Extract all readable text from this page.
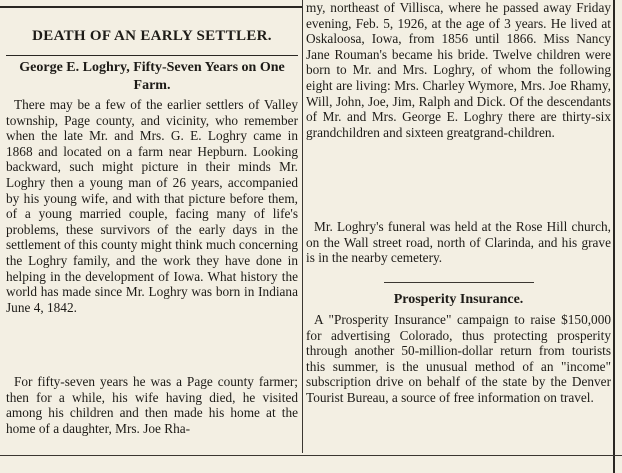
DEATH OF AN EARLY SETTLER.
George E. Loghry, Fifty-Seven Years on One Farm.
There may be a few of the earlier settlers of Valley township, Page county, and vicinity, who remember when the late Mr. and Mrs. G. E. Loghry came in 1868 and located on a farm near Hepburn. Looking backward, such might picture in their minds Mr. Loghry then a young man of 26 years, accompanied by his young wife, and with that picture before them, of a young married couple, facing many of life's problems, these survivors of the early days in the settlement of this county might think much concerning the Loghry family, and the work they have done in helping in the development of Iowa. What history the world has made since Mr. Loghry was born in Indiana June 4, 1842.
For fifty-seven years he was a Page county farmer; then for a while, his wife having died, he visited among his children and then made his home at the home of a daughter, Mrs. Joe Rha-
my, northeast of Villisca, where he passed away Friday evening, Feb. 5, 1926, at the age of 3 years. He lived at Oskaloosa, Iowa, from 1856 until 1866. Miss Nancy Jane Rouman's became his bride. Twelve children were born to Mr. and Mrs. Loghry, of whom the following eight are living: Mrs. Charley Wymore, Mrs. Joe Rhamy, Will, John, Joe, Jim, Ralph and Dick. Of the descendants of Mr. and Mrs. George E. Loghry there are thirty-six grandchildren and sixteen greatgrand-children.
Mr. Loghry's funeral was held at the Rose Hill church, on the Wall street road, north of Clarinda, and his grave is in the nearby cemetery.
Prosperity Insurance.
A "Prosperity Insurance" campaign to raise $150,000 for advertising Colorado, thus protecting prosperity through another 50-million-dollar return from tourists this summer, is the unusual method of an "income" subscription drive on behalf of the state by the Denver Tourist Bureau, a source of free information on travel.
